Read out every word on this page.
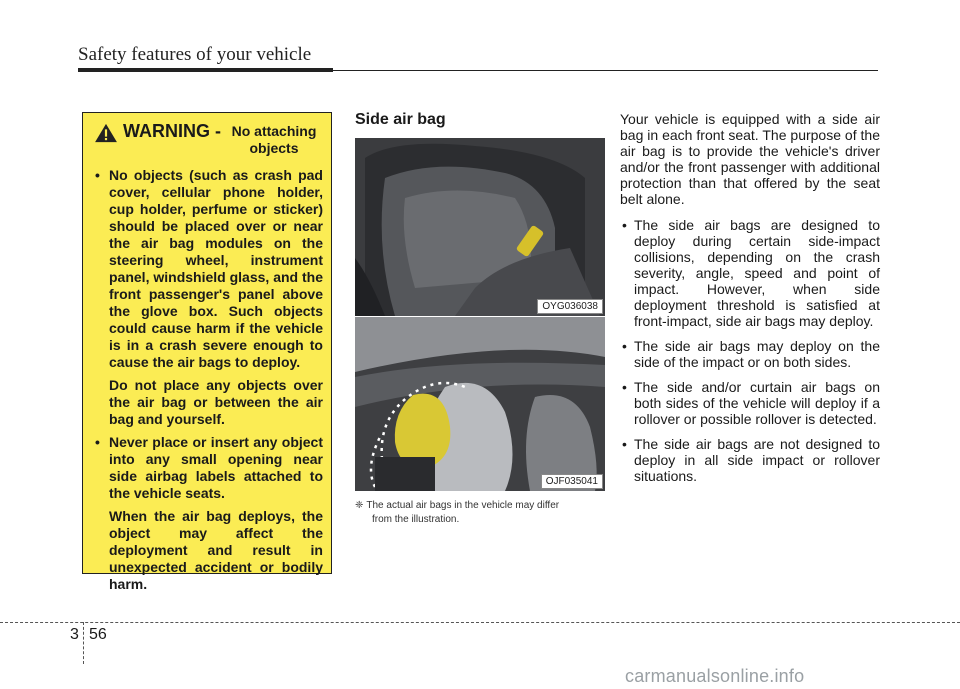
Safety features of your vehicle
WARNING - No attaching objects
• No objects (such as crash pad cover, cellular phone holder, cup holder, perfume or sticker) should be placed over or near the air bag modules on the steering wheel, instrument panel, windshield glass, and the front passenger's panel above the glove box. Such objects could cause harm if the vehicle is in a crash severe enough to cause the air bags to deploy.
Do not place any objects over the air bag or between the air bag and yourself.
• Never place or insert any object into any small opening near side airbag labels attached to the vehicle seats.
When the air bag deploys, the object may affect the deployment and result in unexpected accident or bodily harm.
Side air bag
OYG036038
OJF035041
❈ The actual air bags in the vehicle may differ
from the illustration.

Your vehicle is equipped with a side air bag in each front seat. The purpose of the air bag is to provide the vehicle's driver and/or the front passenger with additional protection than that offered by the seat belt alone.

• The side air bags are designed to deploy during certain side-impact collisions, depending on the crash severity, angle, speed and point of impact. However, when side deployment threshold is satisfied at front-impact, side air bags may deploy.
• The side air bags may deploy on the side of the impact or on both sides.
• The side and/or curtain air bags on both sides of the vehicle will deploy if a rollover or possible rollover is detected.
• The side air bags are not designed to deploy in all side impact or rollover situations.
3 56
carmanualsonline.info
